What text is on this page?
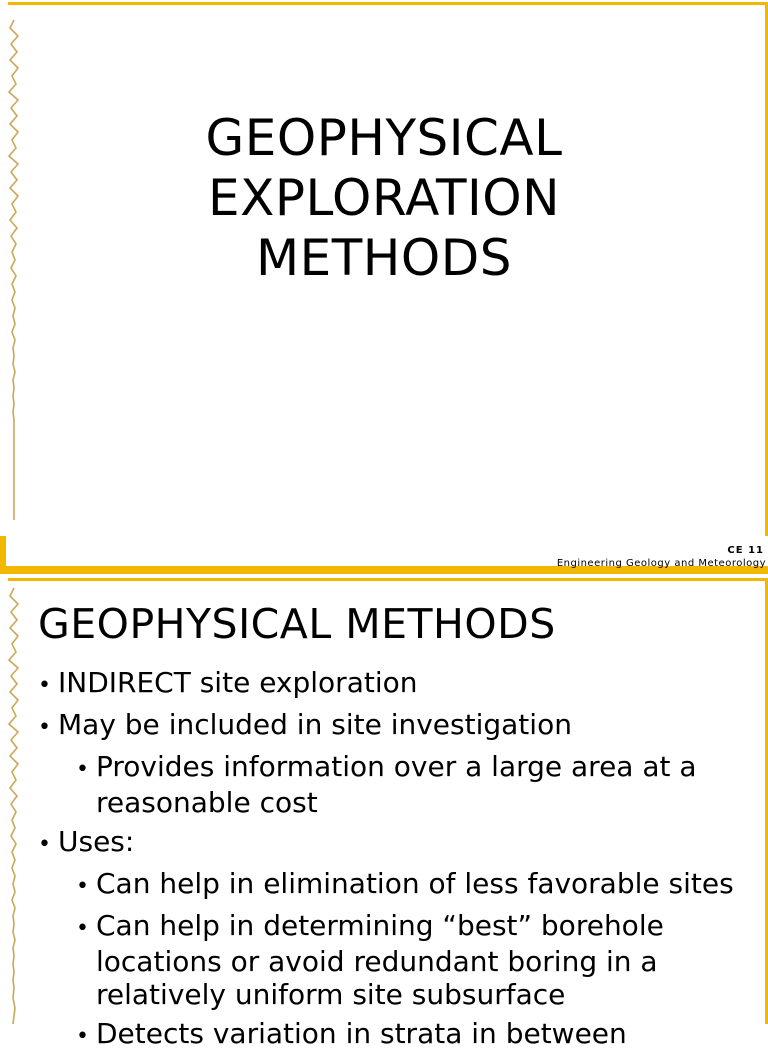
GEOPHYSICAL
EXPLORATION
METHODS
CE 11
Engineering Geology and Meteorology
GEOPHYSICAL METHODS
• INDIRECT site exploration
• May be included in site investigation
• Provides information over a large area at a reasonable cost
• Uses:
• Can help in elimination of less favorable sites
• Can help in determining “best” borehole locations or avoid redundant boring in a relatively uniform site subsurface
• Detects variation in strata in between
